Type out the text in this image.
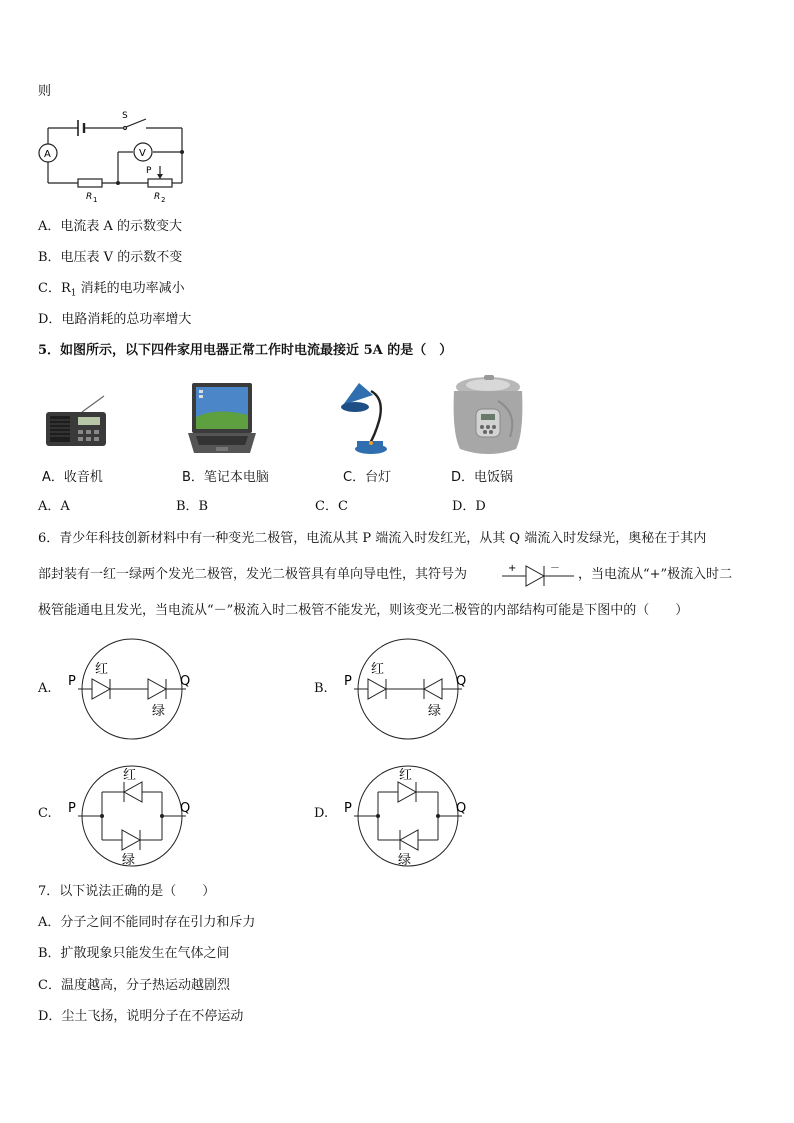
则
A	V
S
P
R 1	R 2
A．电流表 A 的示数变大
B．电压表 V 的示数不变
C．$R_1$ 消耗的电功率减小
D．电路消耗的总功率增大
5．如图所示，以下四件家用电器正常工作时电流最接近 5A 的是（　）
A．收音机	B．笔记本电脑	C．台灯	D．电饭锅
A．A	B．B	C．C	D．D
6．青少年科技创新材料中有一种变光二极管，电流从其 P 端流入时发红光，从其 Q 端流入时发绿光，奥秘在于其内
部封装有一红一绿两个发光二极管，发光二极管具有单向导电性，其符号为	+	－ ，当电流从“+”极流入时二
极管能通电且发光，当电流从“－”极流入时二极管不能发光，则该变光二极管的内部结构可能是下图中的（　　）
A. P	Q
红
绿
B. P	Q
红
绿
C. P	Q
红
绿
D. P	Q
红
绿
7．以下说法正确的是（　　）
A．分子之间不能同时存在引力和斥力
B．扩散现象只能发生在气体之间
C．温度越高，分子热运动越剧烈
D．尘土飞扬，说明分子在不停运动
